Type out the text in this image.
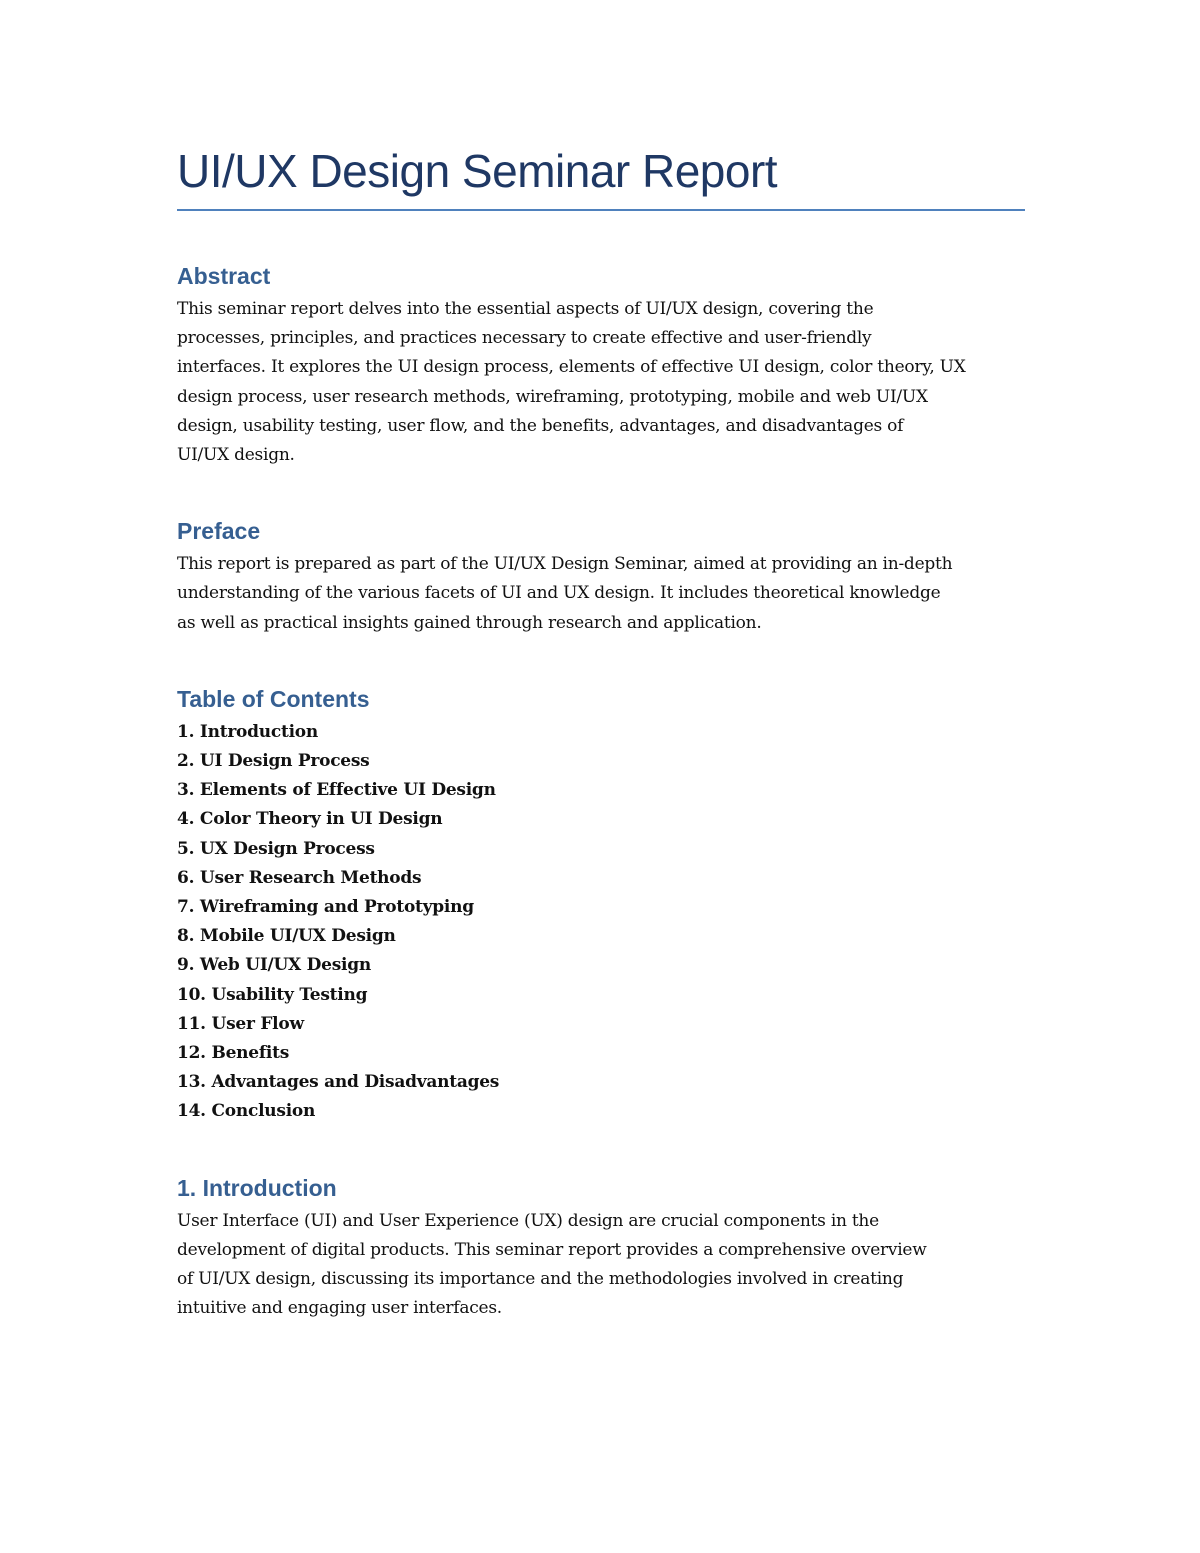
UI/UX Design Seminar Report
Abstract

This seminar report delves into the essential aspects of UI/UX design, covering the
processes, principles, and practices necessary to create effective and user-friendly
interfaces. It explores the UI design process, elements of effective UI design, color theory, UX
design process, user research methods, wireframing, prototyping, mobile and web UI/UX
design, usability testing, user flow, and the benefits, advantages, and disadvantages of
UI/UX design.

Preface

This report is prepared as part of the UI/UX Design Seminar, aimed at providing an in-depth
understanding of the various facets of UI and UX design. It includes theoretical knowledge
as well as practical insights gained through research and application.

Table of Contents
1. Introduction
2. UI Design Process
3. Elements of Effective UI Design
4. Color Theory in UI Design
5. UX Design Process
6. User Research Methods
7. Wireframing and Prototyping
8. Mobile UI/UX Design
9. Web UI/UX Design
10. Usability Testing
11. User Flow
12. Benefits
13. Advantages and Disadvantages
14. Conclusion
1. Introduction

User Interface (UI) and User Experience (UX) design are crucial components in the
development of digital products. This seminar report provides a comprehensive overview
of UI/UX design, discussing its importance and the methodologies involved in creating
intuitive and engaging user interfaces.
